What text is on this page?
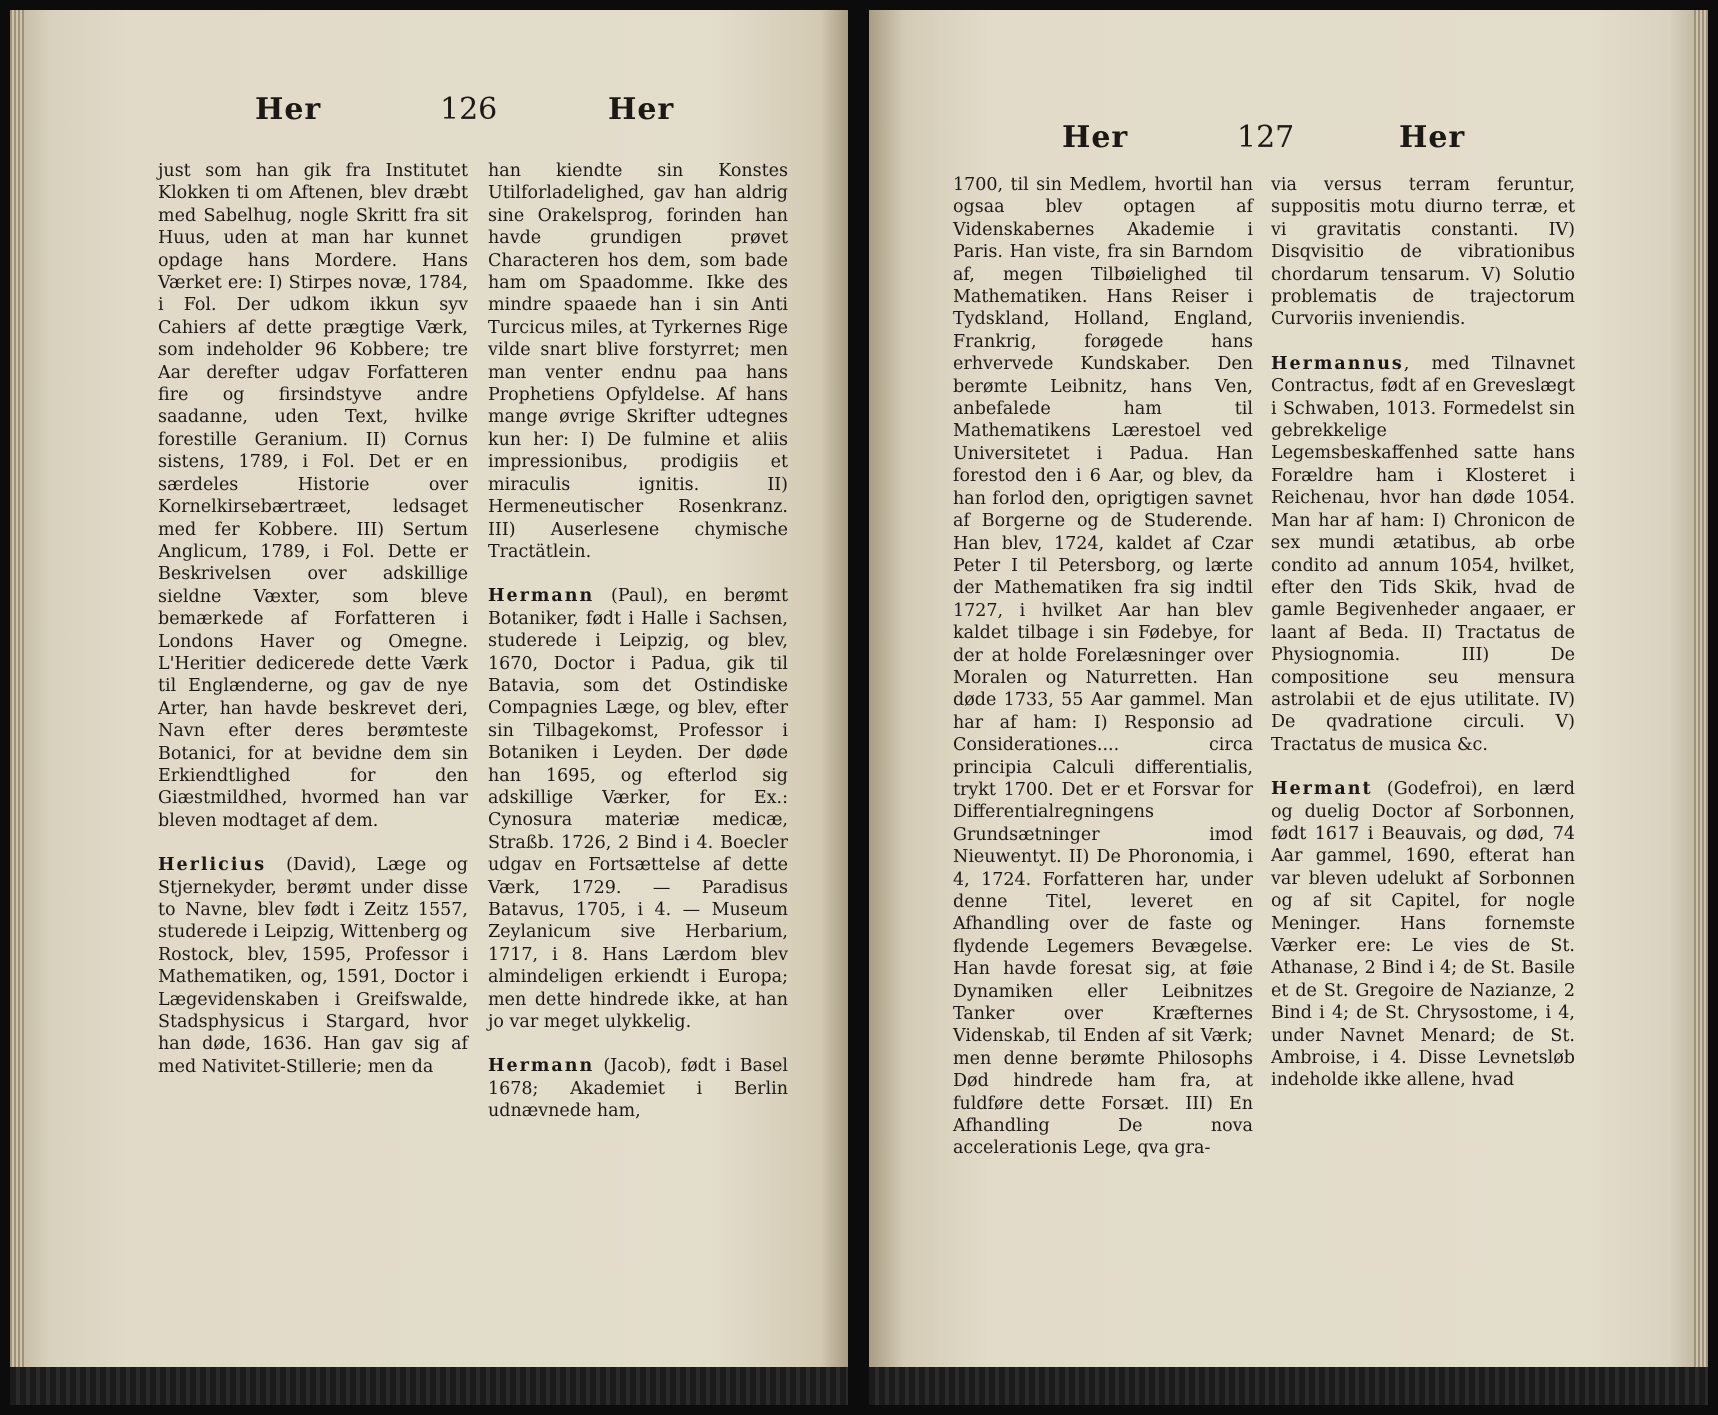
Her	126	Her

just som han gik fra Institutet Klokken ti om Aftenen, blev dræbt med Sabelhug, nogle Skritt fra sit Huus, uden at man har kunnet opdage hans Mordere. Hans Værket ere: I) Stirpes novæ, 1784, i Fol. Der udkom ikkun syv Cahiers af dette prægtige Værk, som indeholder 96 Kobbere; tre Aar derefter udgav Forfatteren fire og firsindstyve andre saadanne, uden Text, hvilke forestille Geranium. II) Cornus sistens, 1789, i Fol. Det er en særdeles Historie over Kornelkirsebærtræet, ledsaget med fer Kobbere. III) Sertum Anglicum, 1789, i Fol. Dette er Beskrivelsen over adskillige sieldne Væxter, som bleve bemærkede af Forfatteren i Londons Haver og Omegne. L'Heritier dedicerede dette Værk til Englænderne, og gav de nye Arter, han havde beskrevet deri, Navn efter deres berømteste Botanici, for at bevidne dem sin Erkiendtlighed for den Giæstmildhed, hvormed han var bleven modtaget af dem.

Herlicius (David), Læge og Stjernekyder, berømt under disse to Navne, blev født i Zeitz 1557, studerede i Leipzig, Wittenberg og Rostock, blev, 1595, Professor i Mathematiken, og, 1591, Doctor i Lægevidenskaben i Greifswalde, Stadsphysicus i Stargard, hvor han døde, 1636. Han gav sig af med Nativitet-Stillerie; men da

han kiendte sin Konstes Utilforladelighed, gav han aldrig sine Orakelsprog, forinden han havde grundigen prøvet Characteren hos dem, som bade ham om Spaadomme. Ikke des mindre spaaede han i sin Anti Turcicus miles, at Tyrkernes Rige vilde snart blive forstyrret; men man venter endnu paa hans Prophetiens Opfyldelse. Af hans mange øvrige Skrifter udtegnes kun her: I) De fulmine et aliis impressionibus, prodigiis et miraculis ignitis. II) Hermeneutischer Rosenkranz. III) Auserlesene chymische Tractätlein.

Hermann (Paul), en berømt Botaniker, født i Halle i Sachsen, studerede i Leipzig, og blev, 1670, Doctor i Padua, gik til Batavia, som det Ostindiske Compagnies Læge, og blev, efter sin Tilbagekomst, Professor i Botaniken i Leyden. Der døde han 1695, og efterlod sig adskillige Værker, for Ex.: Cynosura materiæ medicæ, Straßb. 1726, 2 Bind i 4. Boecler udgav en Fortsættelse af dette Værk, 1729. — Paradisus Batavus, 1705, i 4. — Museum Zeylanicum sive Herbarium, 1717, i 8. Hans Lærdom blev almindeligen erkiendt i Europa; men dette hindrede ikke, at han jo var meget ulykkelig.

Hermann (Jacob), født i Basel 1678; Akademiet i Berlin udnævnede ham,

Her	127	Her

1700, til sin Medlem, hvortil han ogsaa blev optagen af Videnskabernes Akademie i Paris. Han viste, fra sin Barndom af, megen Tilbøielighed til Mathematiken. Hans Reiser i Tydskland, Holland, England, Frankrig, forøgede hans erhvervede Kundskaber. Den berømte Leibnitz, hans Ven, anbefalede ham til Mathematikens Lærestoel ved Universitetet i Padua. Han forestod den i 6 Aar, og blev, da han forlod den, oprigtigen savnet af Borgerne og de Studerende. Han blev, 1724, kaldet af Czar Peter I til Petersborg, og lærte der Mathematiken fra sig indtil 1727, i hvilket Aar han blev kaldet tilbage i sin Fødebye, for der at holde Forelæsninger over Moralen og Naturretten. Han døde 1733, 55 Aar gammel. Man har af ham: I) Responsio ad Considerationes.... circa principia Calculi differentialis, trykt 1700. Det er et Forsvar for Differentialregningens Grundsætninger imod Nieuwentyt. II) De Phoronomia, i 4, 1724. Forfatteren har, under denne Titel, leveret en Afhandling over de faste og flydende Legemers Bevægelse. Han havde foresat sig, at føie Dynamiken eller Leibnitzes Tanker over Kræfternes Videnskab, til Enden af sit Værk; men denne berømte Philosophs Død hindrede ham fra, at fuldføre dette Forsæt. III) En Afhandling De nova accelerationis Lege, qva gra-

via versus terram feruntur, suppositis motu diurno terræ, et vi gravitatis constanti. IV) Disqvisitio de vibrationibus chordarum tensarum. V) Solutio problematis de trajectorum Curvoriis inveniendis.

Hermannus, med Tilnavnet Contractus, født af en Greveslægt i Schwaben, 1013. Formedelst sin gebrekkelige Legemsbeskaffenhed satte hans Forældre ham i Klosteret i Reichenau, hvor han døde 1054. Man har af ham: I) Chronicon de sex mundi ætatibus, ab orbe condito ad annum 1054, hvilket, efter den Tids Skik, hvad de gamle Begivenheder angaaer, er laant af Beda. II) Tractatus de Physiognomia. III) De compositione seu mensura astrolabii et de ejus utilitate. IV) De qvadratione circuli. V) Tractatus de musica &c.

Hermant (Godefroi), en lærd og duelig Doctor af Sorbonnen, født 1617 i Beauvais, og død, 74 Aar gammel, 1690, efterat han var bleven udelukt af Sorbonnen og af sit Capitel, for nogle Meninger. Hans fornemste Værker ere: Le vies de St. Athanase, 2 Bind i 4; de St. Basile et de St. Gregoire de Nazianze, 2 Bind i 4; de St. Chrysostome, i 4, under Navnet Menard; de St. Ambroise, i 4. Disse Levnetsløb indeholde ikke allene, hvad
